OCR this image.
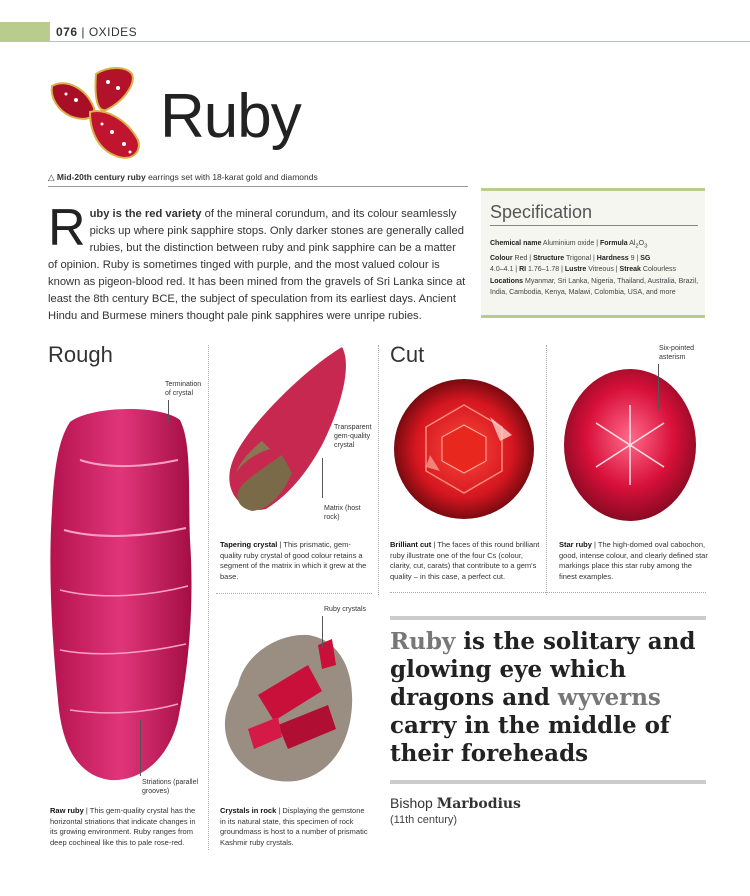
076 | OXIDES
Ruby
△ Mid-20th century ruby earrings set with 18-karat gold and diamonds
Ruby is the red variety of the mineral corundum, and its colour seamlessly picks up where pink sapphire stops. Only darker stones are generally called rubies, but the distinction between ruby and pink sapphire can be a matter of opinion. Ruby is sometimes tinged with purple, and the most valued colour is known as pigeon-blood red. It has been mined from the gravels of Sri Lanka since at least the 8th century BCE, the subject of speculation from its earliest days. Ancient Hindu and Burmese miners thought pale pink sapphires were unripe rubies.
Specification
Chemical name Aluminium oxide | Formula $Al_2O_3$
Colour Red | Structure Trigonal | Hardness 9 | SG
4.0–4.1 | RI 1.76–1.78 | Lustre Vitreous | Streak Colourless
Locations Myanmar, Sri Lanka, Nigeria, Thailand, Australia, Brazil, India, Cambodia, Kenya, Malawi, Colombia, USA, and more
Rough
Termination of crystal
Striations (parallel grooves)
Raw ruby | This gem-quality crystal has the horizontal striations that indicate changes in its growing environment. Ruby ranges from deep cochineal like this to pale rose-red.
Transparent gem-quality crystal
Matrix (host rock)
Tapering crystal | This prismatic, gem-quality ruby crystal of good colour retains a segment of the matrix in which it grew at the base.
Ruby crystals
Crystals in rock | Displaying the gemstone in its natural state, this specimen of rock groundmass is host to a number of prismatic Kashmir ruby crystals.
Cut	Six-pointed asterism
Brilliant cut | The faces of this round brilliant ruby illustrate one of the four Cs (colour, clarity, cut, carats) that contribute to a gem's quality – in this case, a perfect cut.
Star ruby | The high-domed oval cabochon, good, intense colour, and clearly defined star markings place this star ruby among the finest examples.
Ruby is the solitary and glowing eye which dragons and wyverns carry in the middle of their foreheads
Bishop Marbodius
(11th century)
